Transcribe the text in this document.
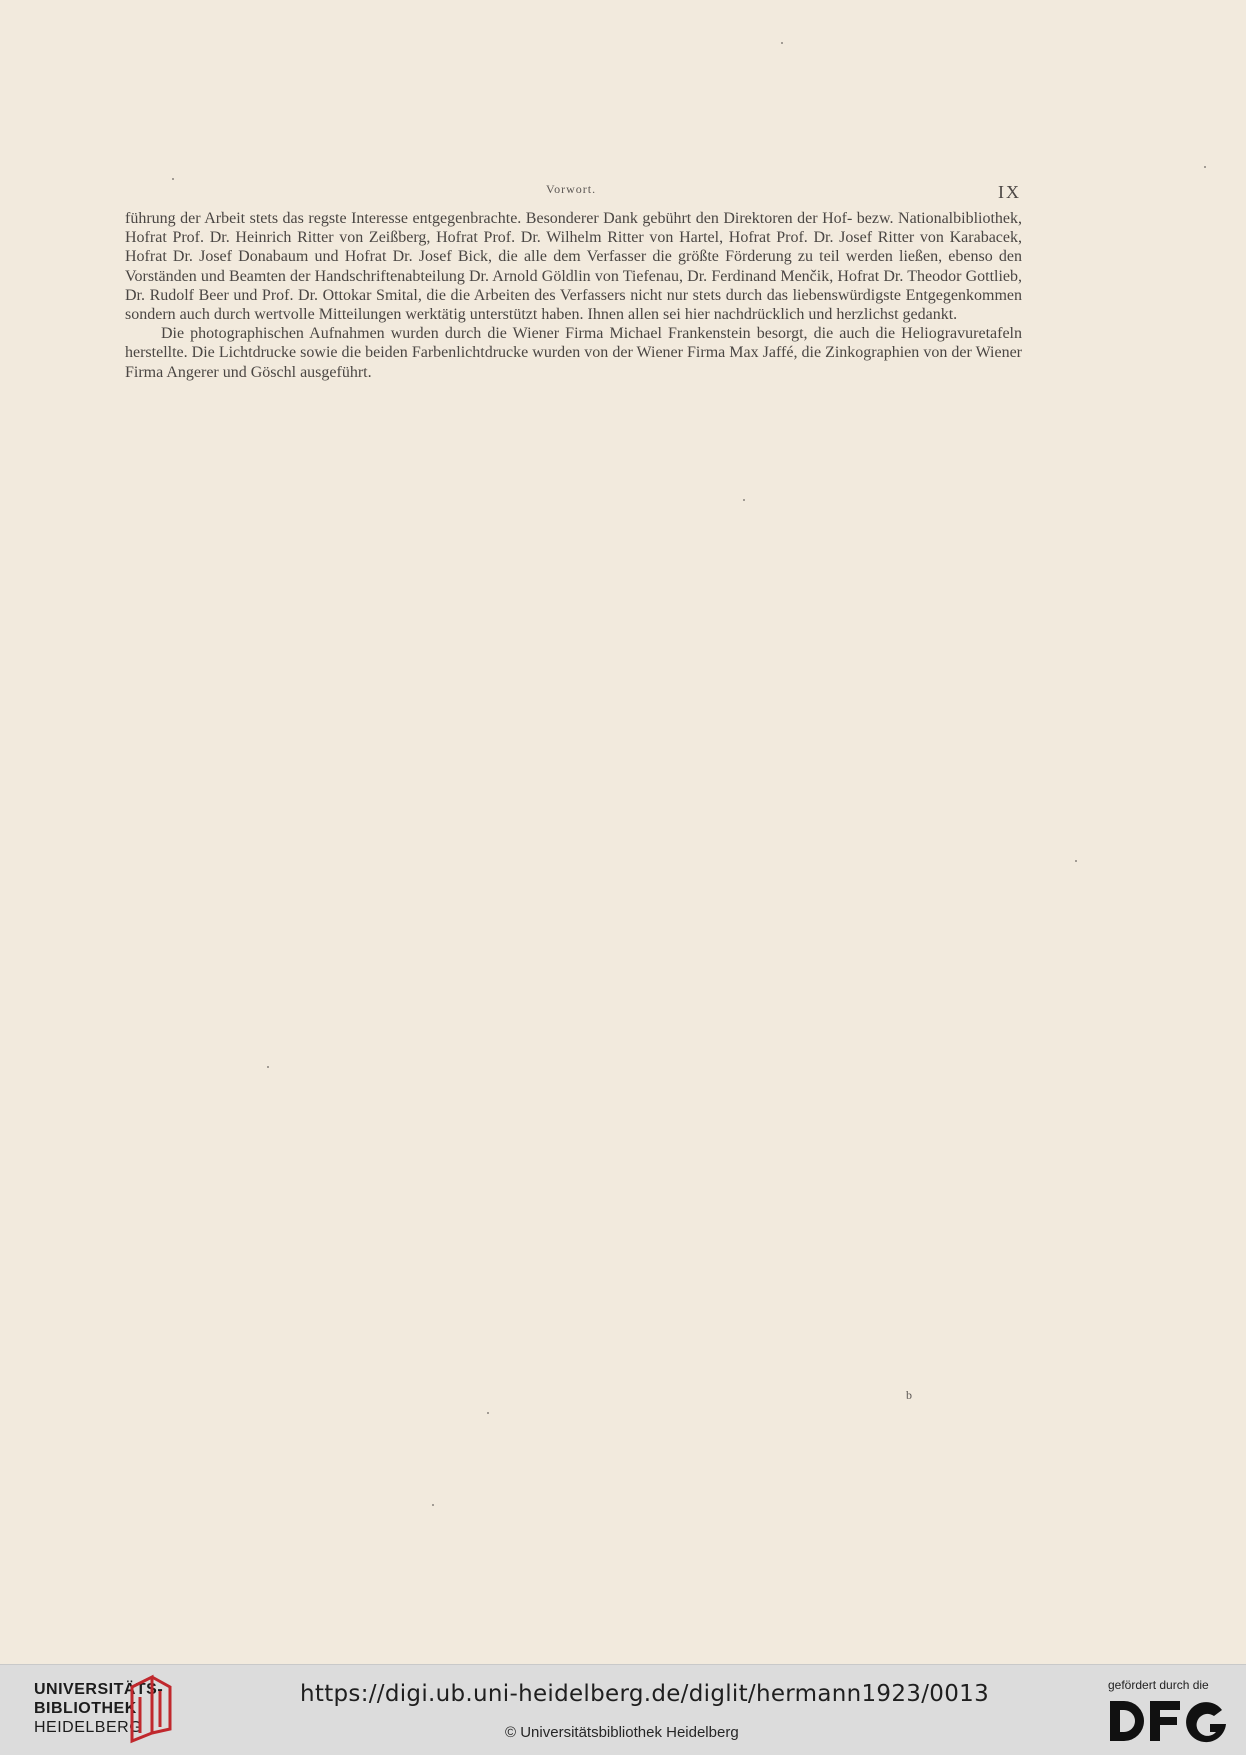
Vorwort.	IX

führung der Arbeit stets das regste Interesse entgegenbrachte. Besonderer Dank gebührt den Direktoren der Hof- bezw. Nationalbibliothek, Hofrat Prof. Dr. Heinrich Ritter von Zeißberg, Hofrat Prof. Dr. Wilhelm Ritter von Hartel, Hofrat Prof. Dr. Josef Ritter von Karabacek, Hofrat Dr. Josef Donabaum und Hofrat Dr. Josef Bick, die alle dem Verfasser die größte Förderung zu teil werden ließen, ebenso den Vorständen und Beamten der Handschriftenabteilung Dr. Arnold Göldlin von Tiefenau, Dr. Ferdinand Menčik, Hofrat Dr. Theodor Gottlieb, Dr. Rudolf Beer und Prof. Dr. Ottokar Smital, die die Arbeiten des Verfassers nicht nur stets durch das liebenswürdigste Entgegenkommen sondern auch durch wertvolle Mitteilungen werktätig unterstützt haben. Ihnen allen sei hier nachdrücklich und herzlichst gedankt.

Die photographischen Aufnahmen wurden durch die Wiener Firma Michael Frankenstein besorgt, die auch die Heliogravuretafeln herstellte. Die Lichtdrucke sowie die beiden Farbenlichtdrucke wurden von der Wiener Firma Max Jaffé, die Zinkographien von der Wiener Firma Angerer und Göschl ausgeführt.

b
UNIVERSITÄTS-
BIBLIOTHEK
HEIDELBERG
https://digi.ub.uni-heidelberg.de/diglit/hermann1923/0013
© Universitätsbibliothek Heidelberg
gefördert durch die
